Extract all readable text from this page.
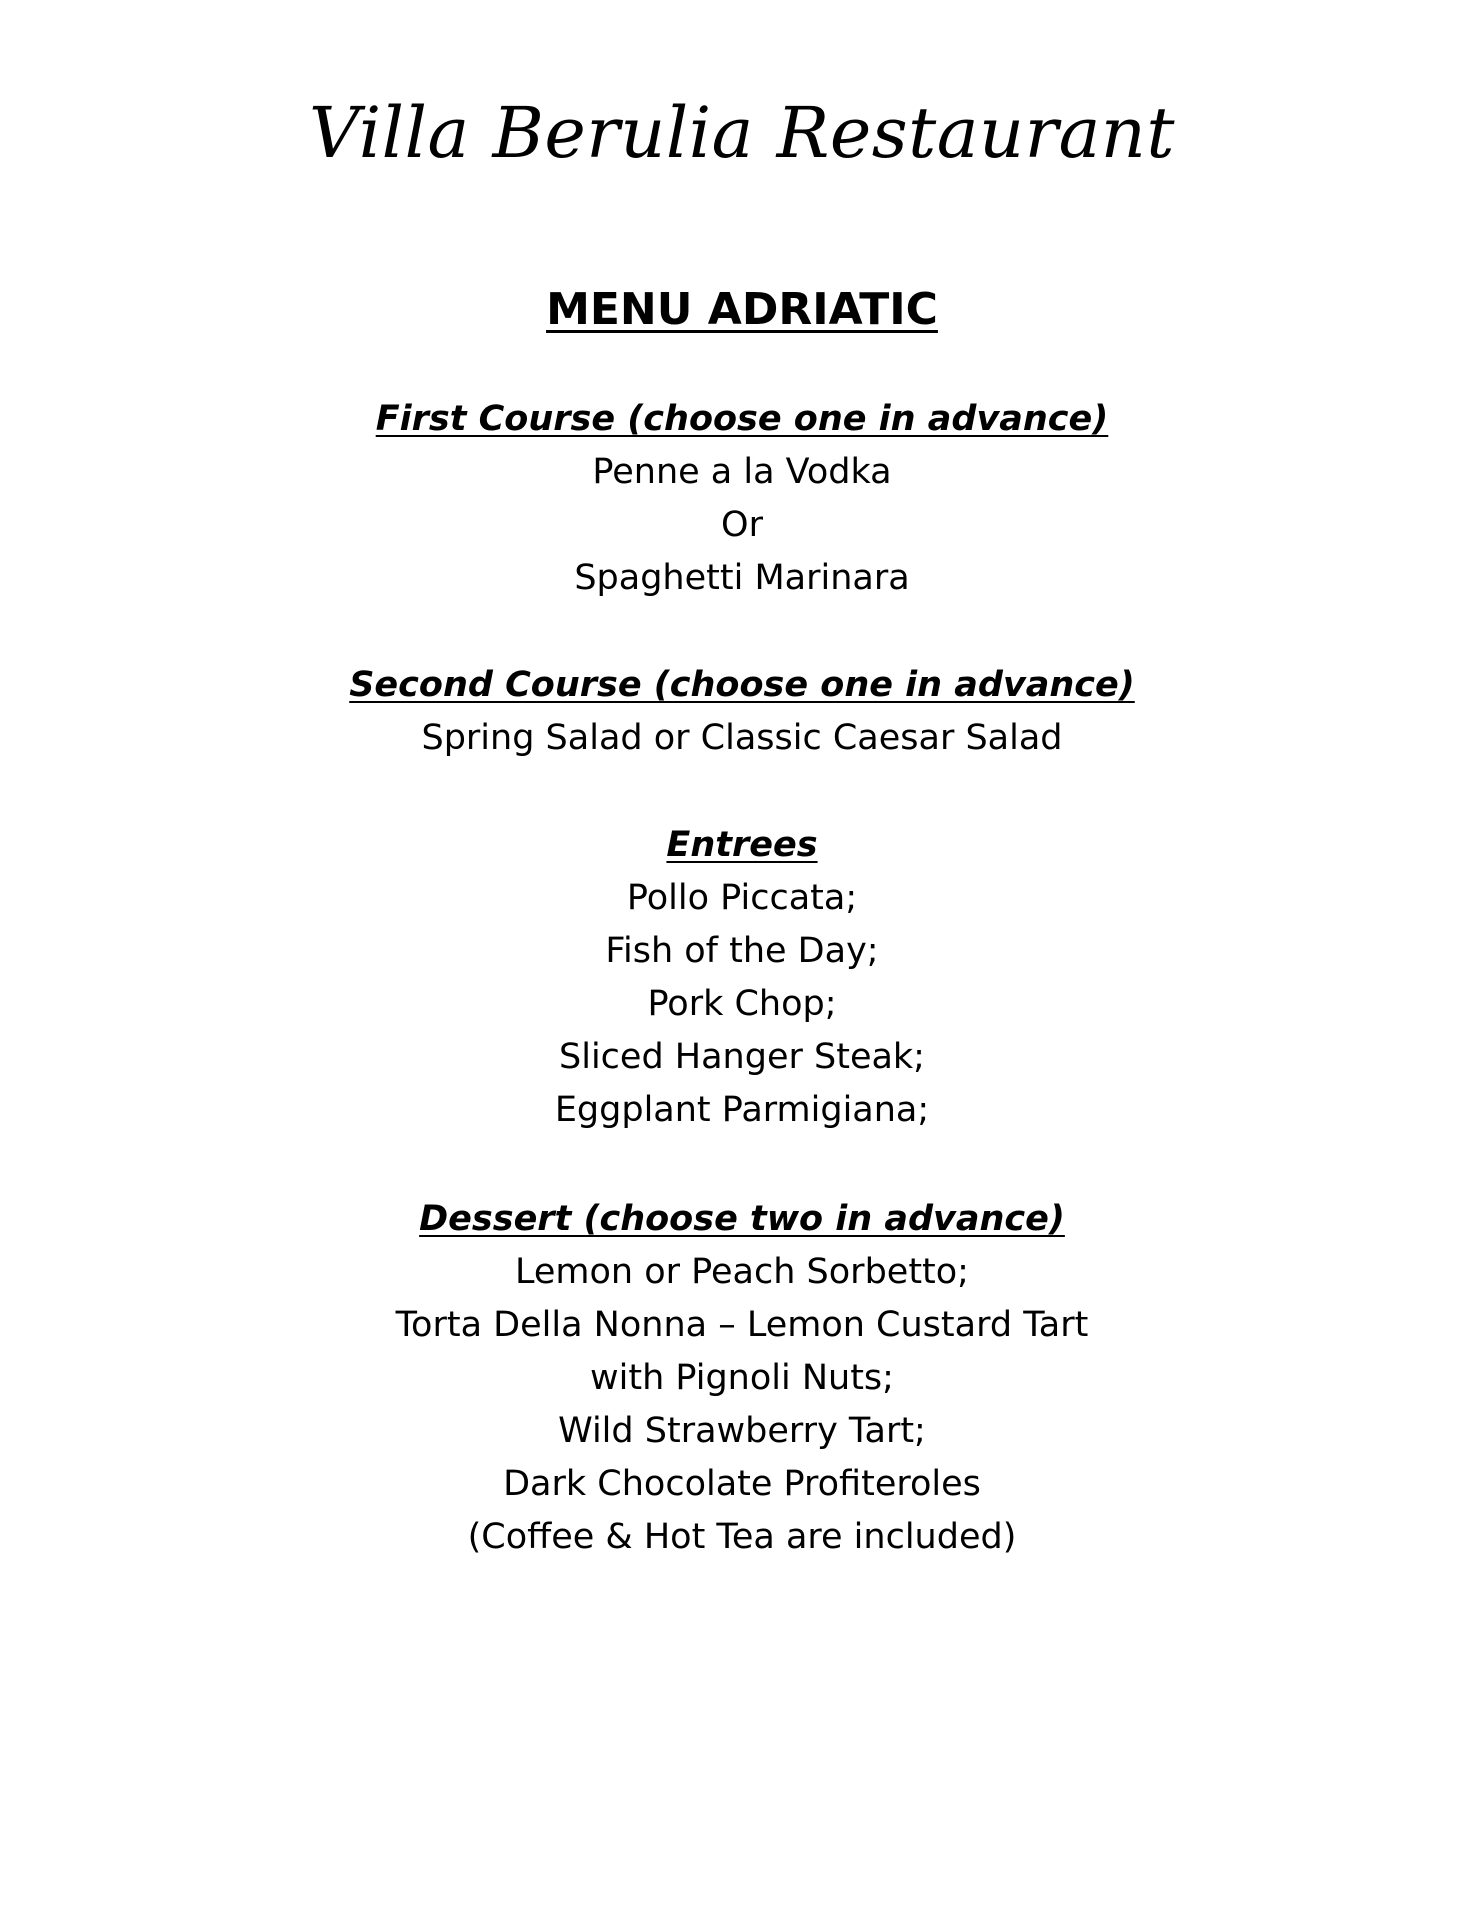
Villa Berulia Restaurant
MENU ADRIATIC

First Course (choose one in advance)

Penne a la Vodka

Or

Spaghetti Marinara

Second Course (choose one in advance)

Spring Salad or Classic Caesar Salad

Entrees

Pollo Piccata;

Fish of the Day;

Pork Chop;

Sliced Hanger Steak;

Eggplant Parmigiana;

Dessert (choose two in advance)

Lemon or Peach Sorbetto;

Torta Della Nonna – Lemon Custard Tart

with Pignoli Nuts;

Wild Strawberry Tart;

Dark Chocolate Profiteroles

(Coffee & Hot Tea are included)
